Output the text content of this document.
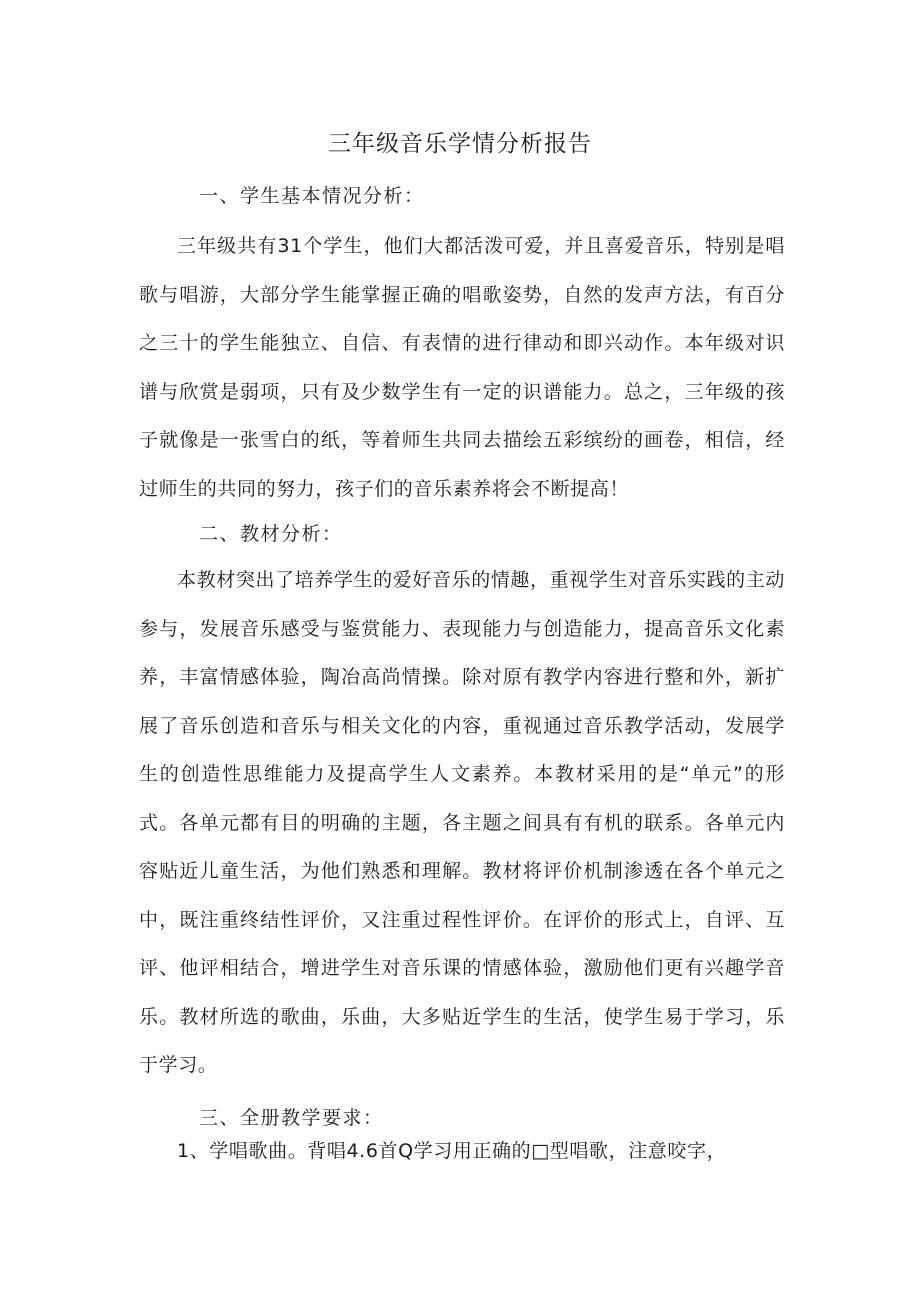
三年级音乐学情分析报告

一、学生基本情况分析：

三年级共有31个学生，他们大都活泼可爱，并且喜爱音乐，特别是唱歌与唱游，大部分学生能掌握正确的唱歌姿势，自然的发声方法，有百分之三十的学生能独立、自信、有表情的进行律动和即兴动作。本年级对识谱与欣赏是弱项，只有及少数学生有一定的识谱能力。总之，三年级的孩子就像是一张雪白的纸，等着师生共同去描绘五彩缤纷的画卷，相信，经过师生的共同的努力，孩子们的音乐素养将会不断提高！

二、教材分析：

本教材突出了培养学生的爱好音乐的情趣，重视学生对音乐实践的主动参与，发展音乐感受与鉴赏能力、表现能力与创造能力，提高音乐文化素养，丰富情感体验，陶冶高尚情操。除对原有教学内容进行整和外，新扩展了音乐创造和音乐与相关文化的内容，重视通过音乐教学活动，发展学生的创造性思维能力及提高学生人文素养。本教材采用的是“单元”的形式。各单元都有目的明确的主题，各主题之间具有有机的联系。各单元内容贴近儿童生活，为他们熟悉和理解。教材将评价机制渗透在各个单元之中，既注重终结性评价，又注重过程性评价。在评价的形式上，自评、互评、他评相结合，增进学生对音乐课的情感体验，激励他们更有兴趣学音乐。教材所选的歌曲，乐曲，大多贴近学生的生活，使学生易于学习，乐于学习。

三、全册教学要求：

1、学唱歌曲。背唱4.6首Q学习用正确的□型唱歌，注意咬字，
